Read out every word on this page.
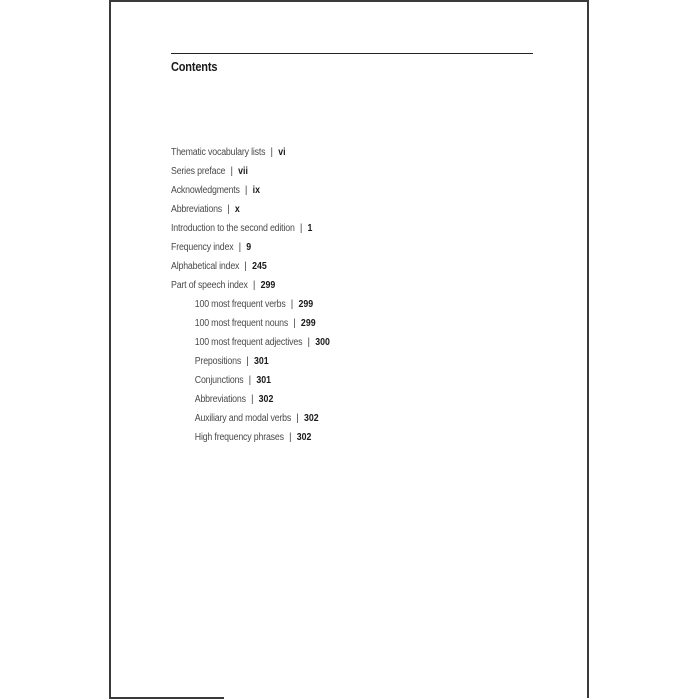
Contents
Thematic vocabulary lists | vi
Series preface | vii
Acknowledgments | ix
Abbreviations | x
Introduction to the second edition | 1
Frequency index | 9
Alphabetical index | 245
Part of speech index | 299
100 most frequent verbs | 299
100 most frequent nouns | 299
100 most frequent adjectives | 300
Prepositions | 301
Conjunctions | 301
Abbreviations | 302
Auxiliary and modal verbs | 302
High frequency phrases | 302
